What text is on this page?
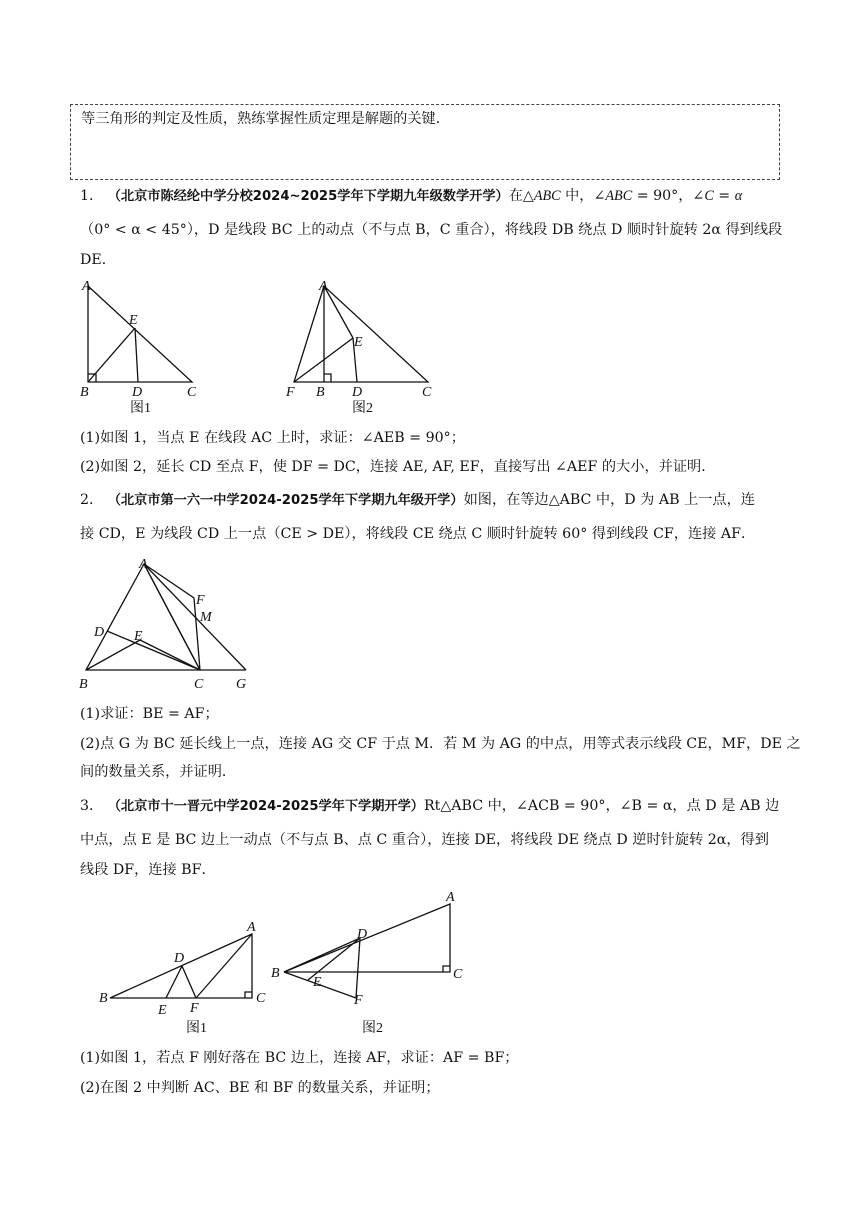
等三角形的判定及性质，熟练掌握性质定理是解题的关键．
1． （北京市陈经纶中学分校2024~2025学年下学期九年级数学开学）在△ABC 中，∠ABC = 90°，∠C = α
（0° < α < 45°），D 是线段 BC 上的动点（不与点 B，C 重合），将线段 DB 绕点 D 顺时针旋转 2α 得到线段
DE．
A
E
B	D	C
图1
A
E
F B D	C
图2
(1)如图 1，当点 E 在线段 AC 上时，求证：∠AEB = 90°；
(2)如图 2，延长 CD 至点 F，使 DF = DC，连接 AE, AF, EF，直接写出 ∠AEF 的大小，并证明．
2． （北京市第一六一中学2024-2025学年下学期九年级开学）如图，在等边△ABC 中，D 为 AB 上一点，连
接 CD，E 为线段 CD 上一点（CE > DE），将线段 CE 绕点 C 顺时针旋转 60° 得到线段 CF，连接 AF．
A
F
M
D E
B	C G
(1)求证：BE = AF；
(2)点 G 为 BC 延长线上一点，连接 AG 交 CF 于点 M．若 M 为 AG 的中点，用等式表示线段 CE，MF，DE 之
间的数量关系，并证明．
3． （北京市十一晋元中学2024-2025学年下学期开学）Rt△ABC 中，∠ACB = 90°，∠B = α，点 D 是 AB 边
中点，点 E 是 BC 边上一动点（不与点 B、点 C 重合），连接 DE，将线段 DE 绕点 D 逆时针旋转 2α，得到
线段 DF，连接 BF．
A
D
B
E F
C
图1
A
D
B
E
F
C
图2
(1)如图 1，若点 F 刚好落在 BC 边上，连接 AF，求证：AF = BF；
(2)在图 2 中判断 AC、BE 和 BF 的数量关系，并证明；
